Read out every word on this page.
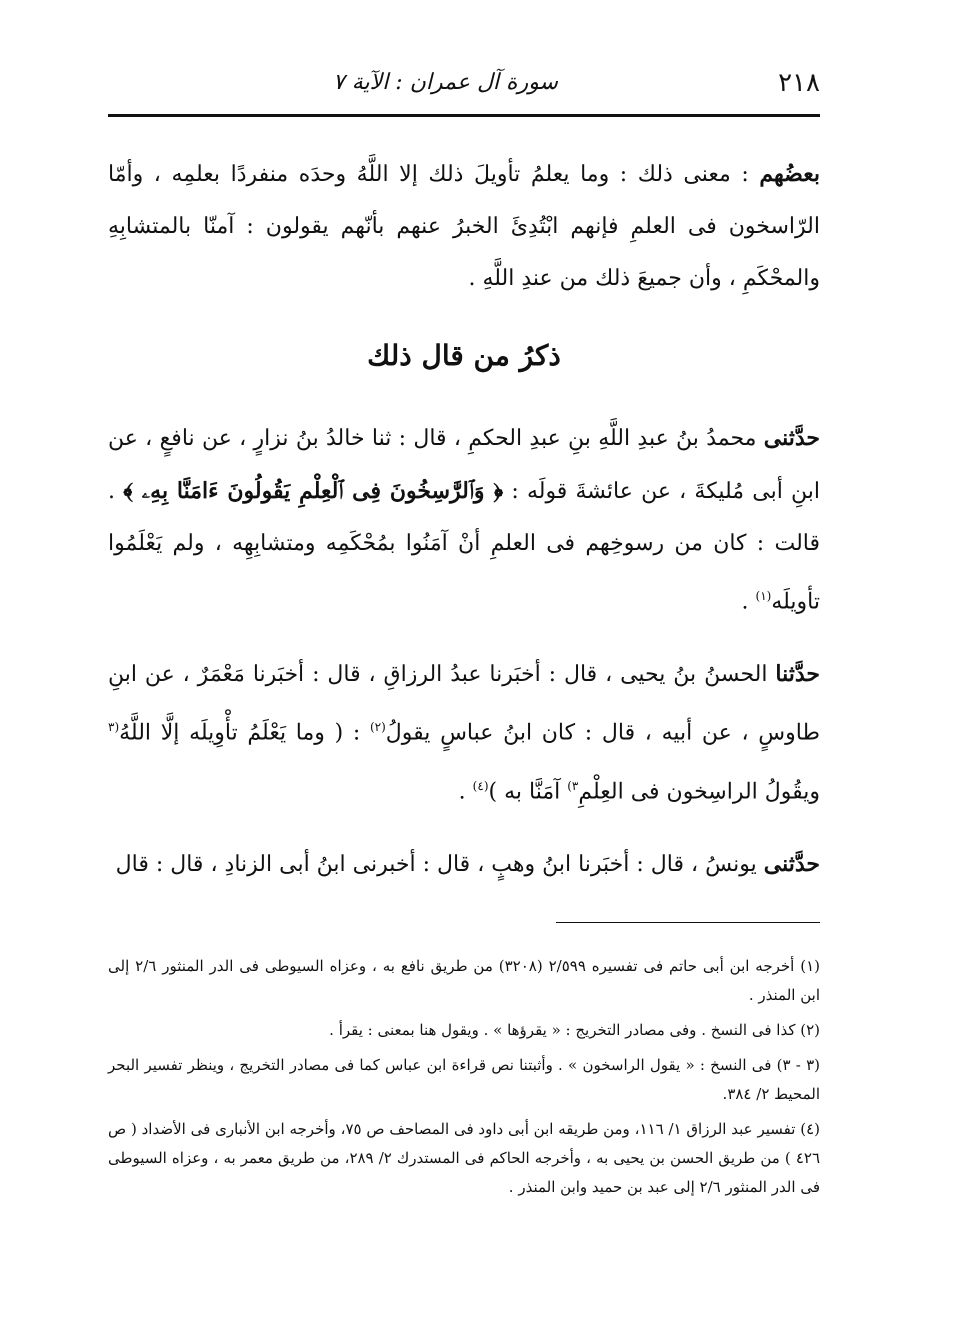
٢١٨
سورة آل عمران : الآية ٧

بعضُهم : معنى ذلك : وما يعلمُ تأويلَ ذلك إلا اللَّهُ وحدَه منفردًا بعلمِه ، وأمّا الرّاسخون فى العلمِ فإنهم ابْتُدِئَ الخبرُ عنهم بأنّهم يقولون : آمنّا بالمتشابِهِ والمحْكَمِ ، وأن جميعَ ذلك من عندِ اللَّهِ .

ذكرُ من قال ذلك

حدَّثنى محمدُ بنُ عبدِ اللَّهِ بنِ عبدِ الحكمِ ، قال : ثنا خالدُ بنُ نزارٍ ، عن نافعٍ ، عن ابنِ أبى مُليكةَ ، عن عائشةَ قولَه : ﴿ وَٱلرَّٰسِخُونَ فِى ٱلْعِلْمِ يَقُولُونَ ءَامَنَّا بِهِۦ ﴾ . قالت : كان من رسوخِهم فى العلمِ أنْ آمَنُوا بمُحْكَمِه ومتشابِهِه ، ولم يَعْلَمُوا تأويلَه$^{(١)}$ .

حدَّثنا الحسنُ بنُ يحيى ، قال : أخبَرنا عبدُ الرزاقِ ، قال : أخبَرنا مَعْمَرٌ ، عن ابنِ طاوسٍ ، عن أبيه ، قال : كان ابنُ عباسٍ يقولُ$^{(٢)}$ : ( وما يَعْلَمُ تأْوِيلَه إلَّا اللَّهُ$^{(٣}$ ويقُولُ الراسِخون فى العِلْمِ$^{٣)}$ آمَنَّا به )$^{(٤)}$ .

حدَّثنى يونسُ ، قال : أخبَرنا ابنُ وهبٍ ، قال : أخبرنى ابنُ أبى الزنادِ ، قال : قال

(١) أخرجه ابن أبى حاتم فى تفسيره ٢/٥٩٩ (٣٢٠٨) من طريق نافع به ، وعزاه السيوطى فى الدر المنثور ٢/٦ إلى ابن المنذر .

(٢) كذا فى النسخ . وفى مصادر التخريج : « يقرؤها » . ويقول هنا بمعنى : يقرأ .

(٣ - ٣) فى النسخ : « يقول الراسخون » . وأثبتنا نص قراءة ابن عباس كما فى مصادر التخريج ، وينظر تفسير البحر المحيط ٢/ ٣٨٤.

(٤) تفسير عبد الرزاق ١/ ١١٦، ومن طريقه ابن أبى داود فى المصاحف ص ٧٥، وأخرجه ابن الأنبارى فى الأضداد ( ص ٤٢٦ ) من طريق الحسن بن يحيى به ، وأخرجه الحاكم فى المستدرك ٢/ ٢٨٩، من طريق معمر به ، وعزاه السيوطى فى الدر المنثور ٢/٦ إلى عبد بن حميد وابن المنذر .
